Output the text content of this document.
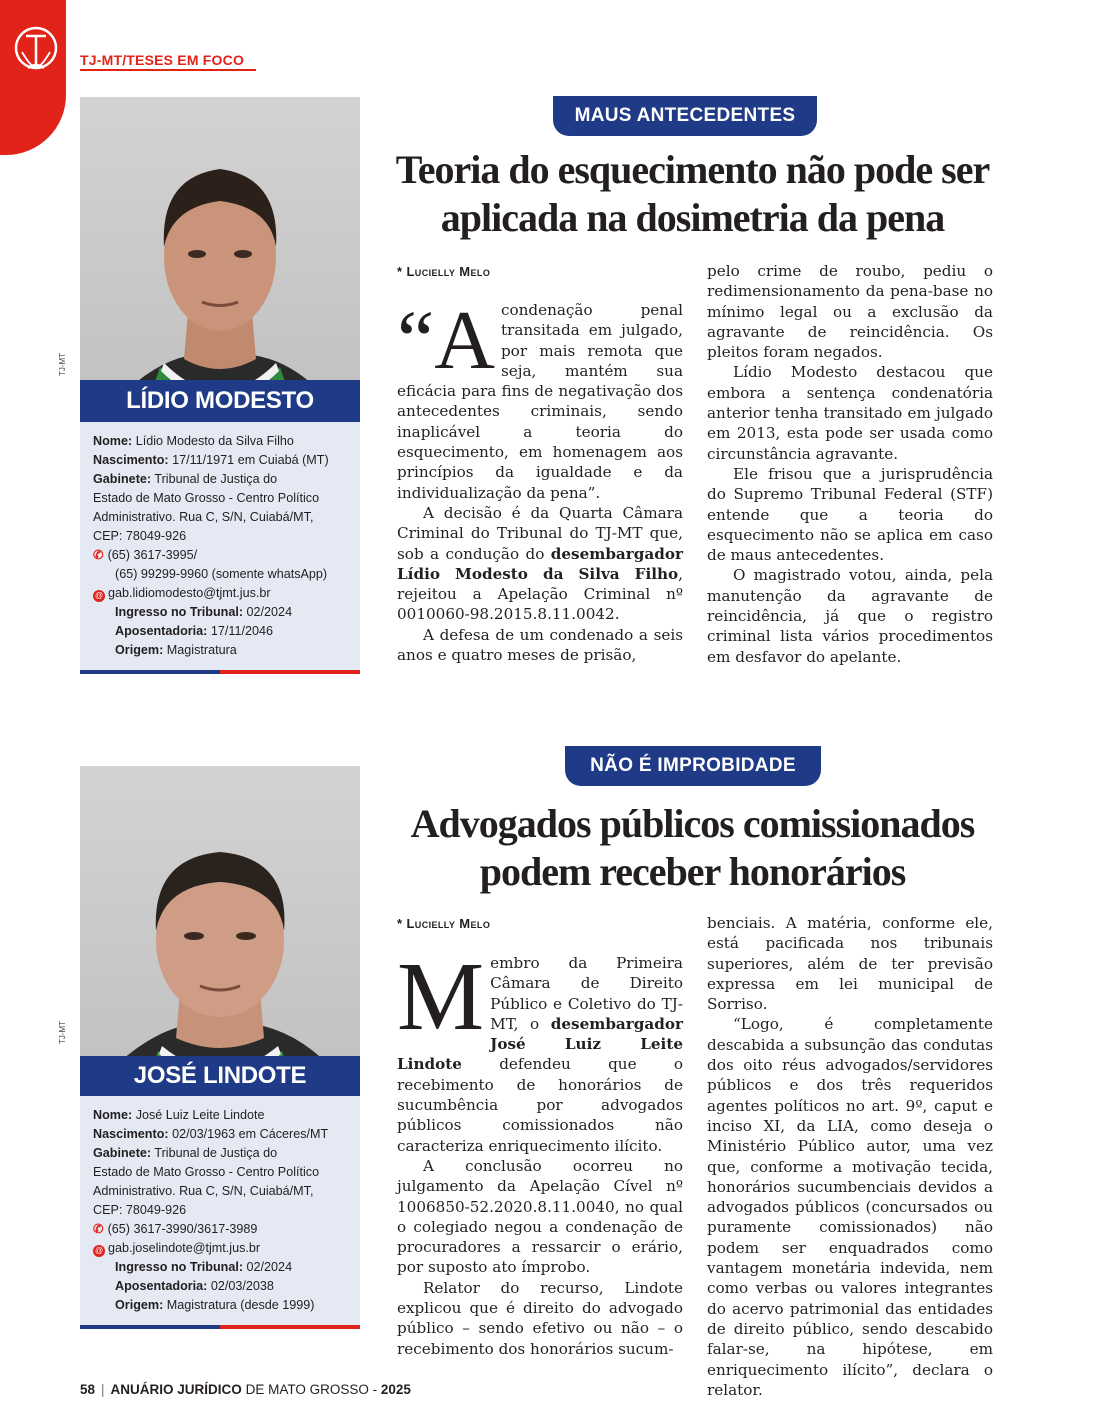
TJ-MT/TESES EM FOCO
LÍDIO MODESTO
Nome: Lídio Modesto da Silva Filho
Nascimento: 17/11/1971 em Cuiabá (MT)
Gabinete: Tribunal de Justiça do
Estado de Mato Grosso - Centro Político
Administrativo. Rua C, S/N, Cuiabá/MT,
CEP: 78049-926
✆ (65) 3617-3995/
(65) 99299-9960 (somente whatsApp)
@ gab.lidiomodesto@tjmt.jus.br
Ingresso no Tribunal: 02/2024
Aposentadoria: 17/11/2046
Origem: Magistratura
TJ-MT
JOSÉ LINDOTE
Nome: José Luiz Leite Lindote
Nascimento: 02/03/1963 em Cáceres/MT
Gabinete: Tribunal de Justiça do
Estado de Mato Grosso - Centro Político
Administrativo. Rua C, S/N, Cuiabá/MT,
CEP: 78049-926
✆ (65) 3617-3990/3617-3989
@ gab.joselindote@tjmt.jus.br
Ingresso no Tribunal: 02/2024
Aposentadoria: 02/03/2038
Origem: Magistratura (desde 1999)
TJ-MT
MAUS ANTECEDENTES
Teoria do esquecimento não pode ser
aplicada na dosimetria da pena
* Lucielly Melo

“Acondenação penal transitada em julgado, por mais remota que seja, mantém sua eficácia para fins de negativação dos antecedentes criminais, sendo inaplicável a teoria do esquecimento, em homenagem aos princípios da igualdade e da individualização da pena”.

A decisão é da Quarta Câmara Criminal do Tribunal do TJ-MT que, sob a condução do desembargador Lídio Modesto da Silva Filho, rejeitou a Apelação Criminal nº 0010060-98.2015.8.11.0042.

A defesa de um condenado a seis anos e quatro meses de prisão,

pelo crime de roubo, pediu o redimensionamento da pena-base no mínimo legal ou a exclusão da agravante de reincidência. Os pleitos foram negados.

Lídio Modesto destacou que embora a sentença condenatória anterior tenha transitado em julgado em 2013, esta pode ser usada como circunstância agravante.

Ele frisou que a jurisprudência do Supremo Tribunal Federal (STF) entende que a teoria do esquecimento não se aplica em caso de maus antecedentes.

O magistrado votou, ainda, pela manutenção da agravante de reincidência, já que o registro criminal lista vários procedimentos em desfavor do apelante.

NÃO É IMPROBIDADE
Advogados públicos comissionados
podem receber honorários
* Lucielly Melo

Membro da Primeira Câmara de Direito Público e Coletivo do TJ-MT, o desembargador José Luiz Leite Lindote defendeu que o recebimento de honorários de sucumbência por advogados públicos comissionados não caracteriza enriquecimento ilícito.

A conclusão ocorreu no julgamento da Apelação Cível nº 1006850-52.2020.8.11.0040, no qual o colegiado negou a condenação de procuradores a ressarcir o erário, por suposto ato ímprobo.

Relator do recurso, Lindote explicou que é direito do advogado público – sendo efetivo ou não – o recebimento dos honorários sucum-

benciais. A matéria, conforme ele, está pacificada nos tribunais superiores, além de ter previsão expressa em lei municipal de Sorriso.

“Logo, é completamente descabida a subsunção das condutas dos oito réus advogados/servidores públicos e dos três requeridos agentes políticos no art. 9º, caput e inciso XI, da LIA, como deseja o Ministério Público autor, uma vez que, conforme a motivação tecida, honorários sucumbenciais devidos a advogados públicos (concursados ou puramente comissionados) não podem ser enquadrados como vantagem monetária indevida, nem como verbas ou valores integrantes do acervo patrimonial das entidades de direito público, sendo descabido falar-se, na hipótese, em enriquecimento ilícito”, declara o relator.

58 | ANUÁRIO JURÍDICO DE MATO GROSSO - 2025
